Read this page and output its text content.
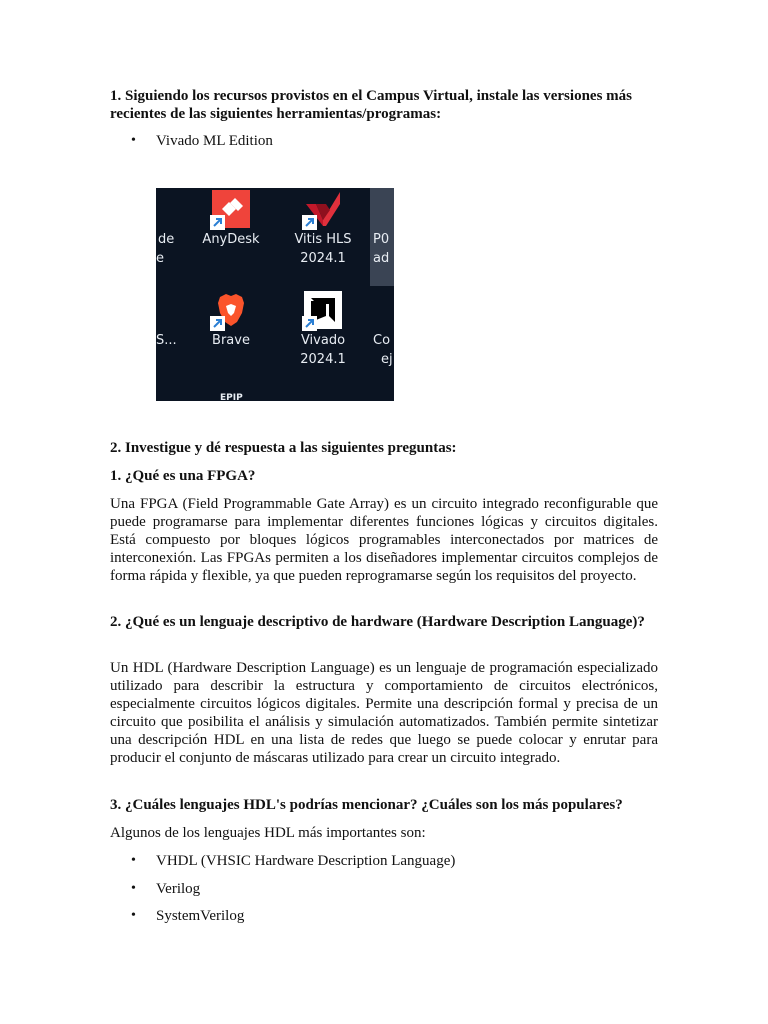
1. Siguiendo los recursos provistos en el Campus Virtual, instale las versiones más
recientes de las siguientes herramientas/programas:
• Vivado ML Edition
de
e
AnyDesk	Vitis HLS
2024.1
P0
ad
S...	Brave	Vivado
2024.1
Co
ej
EPIP
2. Investigue y dé respuesta a las siguientes preguntas:
1. ¿Qué es una FPGA?
Una FPGA (Field Programmable Gate Array) es un circuito integrado reconfigurable que puede programarse para implementar diferentes funciones lógicas y circuitos digitales. Está compuesto por bloques lógicos programables interconectados por matrices de interconexión. Las FPGAs permiten a los diseñadores implementar circuitos complejos de forma rápida y flexible, ya que pueden reprogramarse según los requisitos del proyecto.
2. ¿Qué es un lenguaje descriptivo de hardware (Hardware Description Language)?
Un HDL (Hardware Description Language) es un lenguaje de programación especializado utilizado para describir la estructura y comportamiento de circuitos electrónicos, especialmente circuitos lógicos digitales. Permite una descripción formal y precisa de un circuito que posibilita el análisis y simulación automatizados. También permite sintetizar una descripción HDL en una lista de redes que luego se puede colocar y enrutar para producir el conjunto de máscaras utilizado para crear un circuito integrado.
3. ¿Cuáles lenguajes HDL's podrías mencionar? ¿Cuáles son los más populares?
Algunos de los lenguajes HDL más importantes son:
• VHDL (VHSIC Hardware Description Language)
• Verilog
• SystemVerilog
